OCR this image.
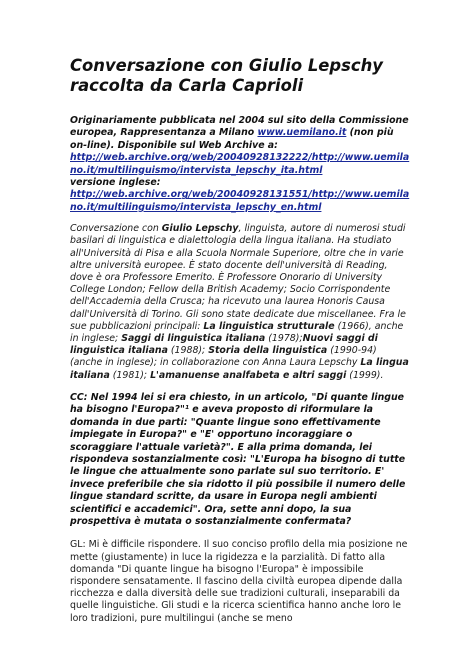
Conversazione con Giulio Lepschy
raccolta da Carla Caprioli
Originariamente pubblicata nel 2004 sul sito della Commissione europea, Rappresentanza a Milano www.uemilano.it (non più on-line). Disponibile sul Web Archive a:
http://web.archive.org/web/20040928132222/http://www.uemilano.it/multilinguismo/intervista_lepschy_ita.html
versione inglese:
http://web.archive.org/web/20040928131551/http://www.uemilano.it/multilinguismo/intervista_lepschy_en.html
Conversazione con Giulio Lepschy, linguista, autore di numerosi studi basilari di linguistica e dialettologia della lingua italiana. Ha studiato all'Università di Pisa e alla Scuola Normale Superiore, oltre che in varie altre università europee. È stato docente dell'università di Reading, dove è ora Professore Emerito. È Professore Onorario di University College London; Fellow della British Academy; Socio Corrispondente dell'Accademia della Crusca; ha ricevuto una laurea Honoris Causa dall'Università di Torino. Gli sono state dedicate due miscellanee. Fra le sue pubblicazioni principali: La linguistica strutturale (1966), anche in inglese; Saggi di linguistica italiana (1978);Nuovi saggi di linguistica italiana (1988); Storia della linguistica (1990-94) (anche in inglese); in collaborazione con Anna Laura Lepschy La lingua italiana (1981); L'amanuense analfabeta e altri saggi (1999).
CC: Nel 1994 lei si era chiesto, in un articolo, "Di quante lingue ha bisogno l'Europa?"¹ e aveva proposto di riformulare la domanda in due parti: "Quante lingue sono effettivamente impiegate in Europa?" e "E' opportuno incoraggiare o scoraggiare l'attuale varietà?". E alla prima domanda, lei rispondeva sostanzialmente così: "L'Europa ha bisogno di tutte le lingue che attualmente sono parlate sul suo territorio. E' invece preferibile che sia ridotto il più possibile il numero delle lingue standard scritte, da usare in Europa negli ambienti scientifici e accademici". Ora, sette anni dopo, la sua prospettiva è mutata o sostanzialmente confermata?
GL: Mi è difficile rispondere. Il suo conciso profilo della mia posizione ne mette (giustamente) in luce la rigidezza e la parzialità. Di fatto alla domanda "Di quante lingue ha bisogno l'Europa" è impossibile rispondere sensatamente. Il fascino della civiltà europea dipende dalla ricchezza e dalla diversità delle sue tradizioni culturali, inseparabili da quelle linguistiche. Gli studi e la ricerca scientifica hanno anche loro le loro tradizioni, pure multilingui (anche se meno
